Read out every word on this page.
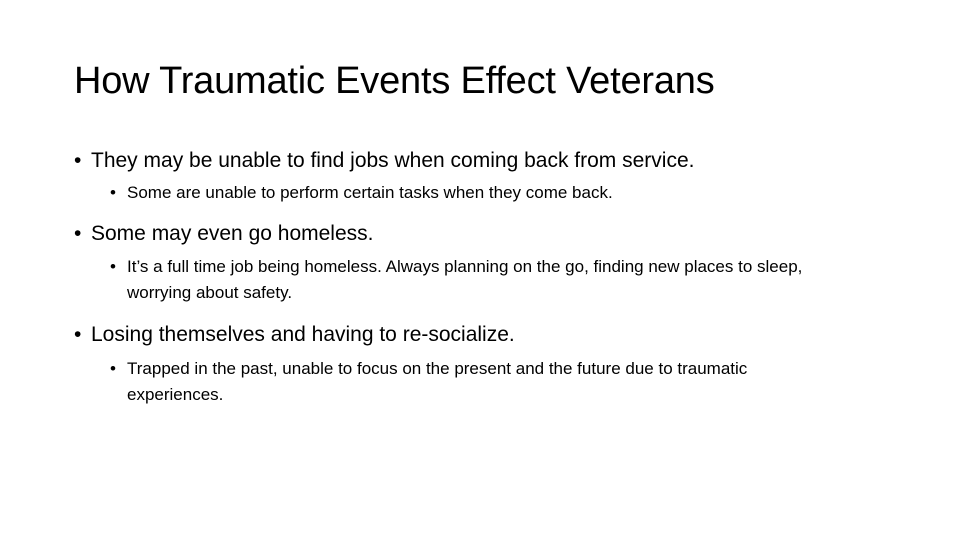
How Traumatic Events Effect Veterans
• They may be unable to find jobs when coming back from service.
• Some are unable to perform certain tasks when they come back.
• Some may even go homeless.
• It’s a full time job being homeless. Always planning on the go, finding new places to sleep, worrying about safety.
• Losing themselves and having to re-socialize.
• Trapped in the past, unable to focus on the present and the future due to traumatic experiences.
